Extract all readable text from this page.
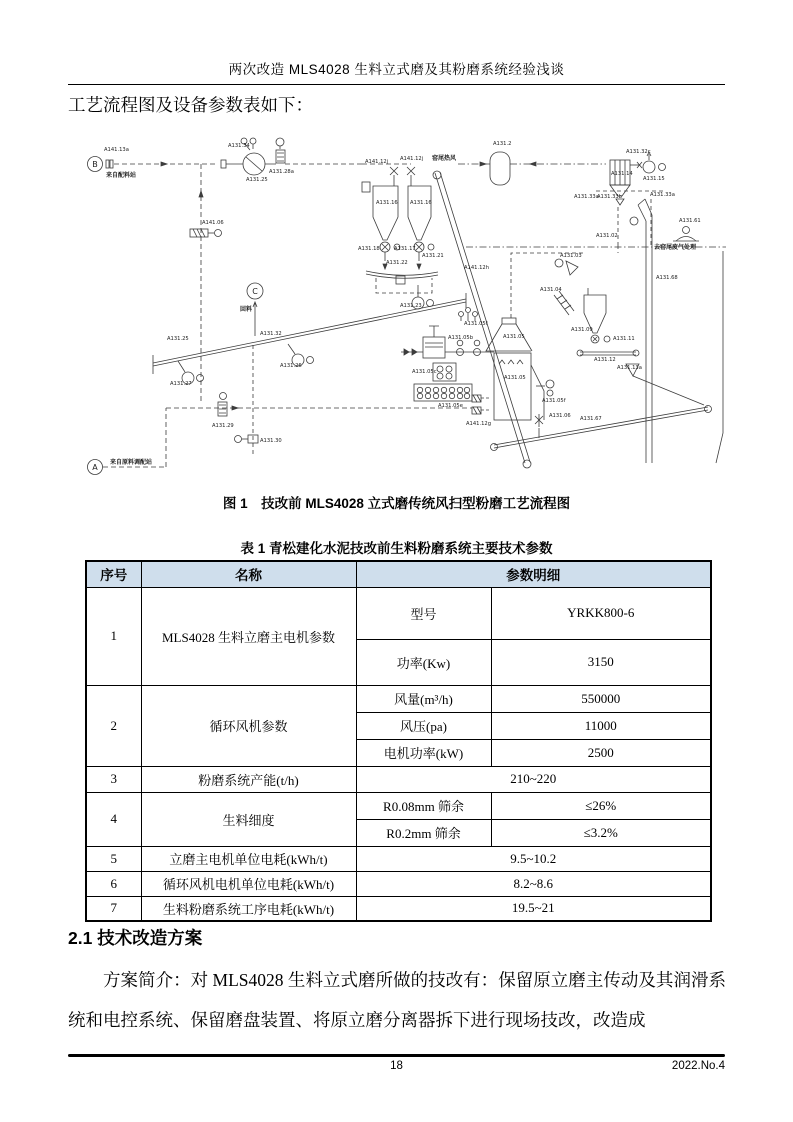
两次改造 MLS4028 生料立式磨及其粉磨系统经验浅谈
工艺流程图及设备参数表如下：
B
C
A
A141.13a
来自配料站
A131.34
A131.25
A131.28a
A141.06
A141.12j A141.12j
A131.16 A131.16
A131.18	A131.17
A131.22
A131.21
A131.23
A131.2
窑尾热风
A131.14
A131.32c
A131.15
A131.33a
A131.33b	A131.33a
A131.02
A131.61
去窑尾废气处理
A131.68
A141.12h
A131.04
A131.03
A131.09
A131.11
A131.12
A131.13a
A131.05f
A131.05
A131.05b
A131.05
A131.05c
A131.05e
A141.12g
A131.06
A131.05f
A131.67
A131.25
A131.27
A131.26
A131.32
回料
A131.29
A131.30
来自原料调配站
图 1　技改前 MLS4028 立式磨传统风扫型粉磨工艺流程图
表 1 青松建化水泥技改前生料粉磨系统主要技术参数
序号	名称	参数明细	
1	MLS4028 生料立磨主电机参数	型号	YRKK800-6
		功率(Kw)	3150
2	循环风机参数	风量(m³/h)	550000
		风压(pa)	11000
		电机功率(kW)	2500
3	粉磨系统产能(t/h)	210~220	
4	生料细度	R0.08mm 筛余	≤26%
		R0.2mm 筛余	≤3.2%
5	立磨主电机单位电耗(kWh/t)	9.5~10.2	
6	循环风机电机单位电耗(kWh/t)	8.2~8.6	
7	生料粉磨系统工序电耗(kWh/t)	19.5~21	
2.1 技术改造方案
方案简介：对 MLS4028 生料立式磨所做的技改有：保留原立磨主传动及其润滑系统和电控系统、保留磨盘装置、将原立磨分离器拆下进行现场技改，改造成
18	2022.No.4
